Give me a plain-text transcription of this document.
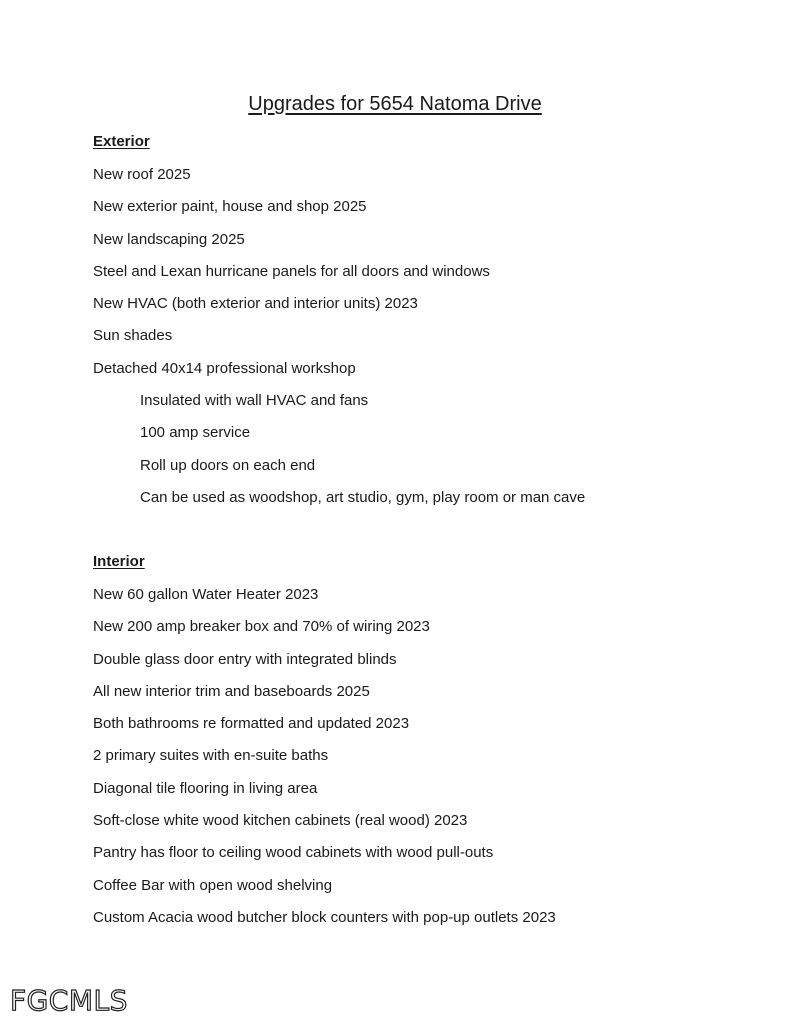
Upgrades for 5654 Natoma Drive
Exterior
New roof 2025
New exterior paint, house and shop 2025
New landscaping 2025
Steel and Lexan hurricane panels for all doors and windows
New HVAC (both exterior and interior units) 2023
Sun shades
Detached 40x14 professional workshop
Insulated with wall HVAC and fans
100 amp service
Roll up doors on each end
Can be used as woodshop, art studio, gym, play room or man cave
Interior
New 60 gallon Water Heater 2023
New 200 amp breaker box and 70% of wiring 2023
Double glass door entry with integrated blinds
All new interior trim and baseboards 2025
Both bathrooms re formatted and updated 2023
2 primary suites with en-suite baths
Diagonal tile flooring in living area
Soft-close white wood kitchen cabinets (real wood) 2023
Pantry has floor to ceiling wood cabinets with wood pull-outs
Coffee Bar with open wood shelving
Custom Acacia wood butcher block counters with pop-up outlets 2023
FGCMLS
